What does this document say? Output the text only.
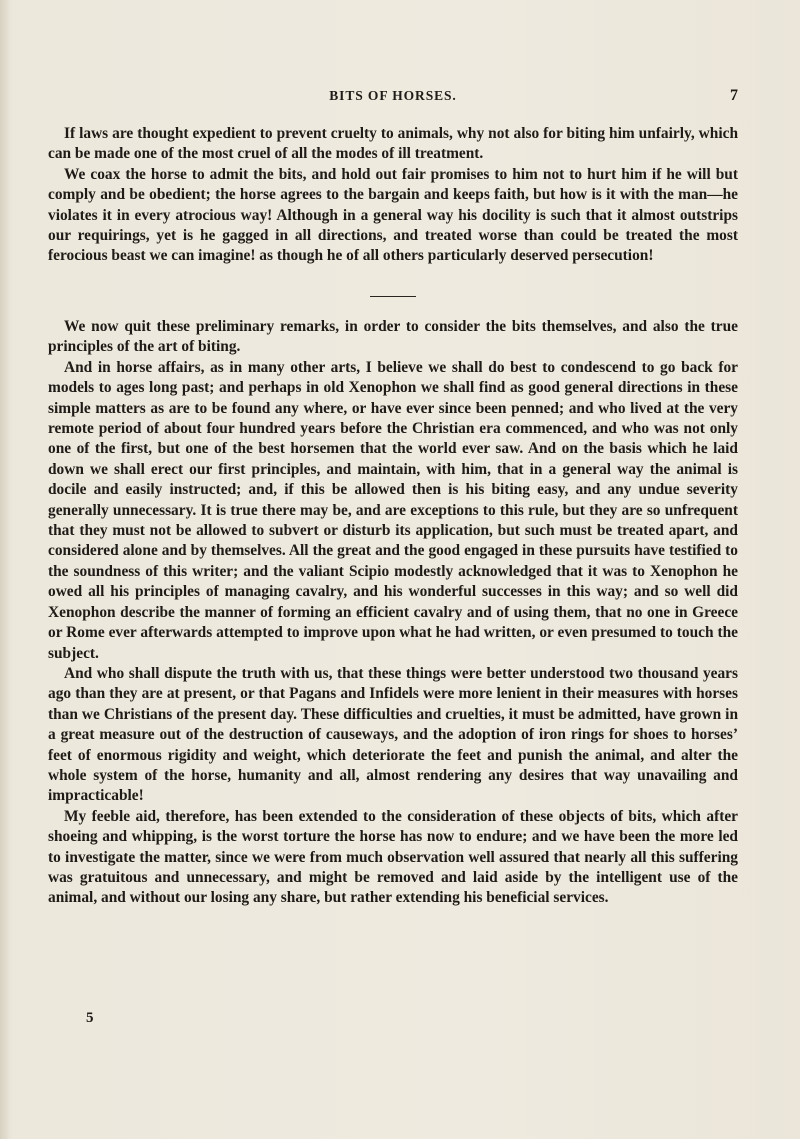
BITS OF HORSES.	7

If laws are thought expedient to prevent cruelty to animals, why not also for biting him unfairly, which can be made one of the most cruel of all the modes of ill treatment.

We coax the horse to admit the bits, and hold out fair promises to him not to hurt him if he will but comply and be obedient; the horse agrees to the bargain and keeps faith, but how is it with the man—he violates it in every atrocious way! Although in a general way his docility is such that it almost outstrips our requirings, yet is he gagged in all directions, and treated worse than could be treated the most ferocious beast we can imagine! as though he of all others particularly deserved persecution!

We now quit these preliminary remarks, in order to consider the bits themselves, and also the true principles of the art of biting.

And in horse affairs, as in many other arts, I believe we shall do best to condescend to go back for models to ages long past; and perhaps in old Xenophon we shall find as good general directions in these simple matters as are to be found any where, or have ever since been penned; and who lived at the very remote period of about four hundred years before the Christian era commenced, and who was not only one of the first, but one of the best horsemen that the world ever saw. And on the basis which he laid down we shall erect our first principles, and maintain, with him, that in a general way the animal is docile and easily instructed; and, if this be allowed then is his biting easy, and any undue severity generally unnecessary. It is true there may be, and are exceptions to this rule, but they are so unfrequent that they must not be allowed to subvert or disturb its application, but such must be treated apart, and considered alone and by themselves. All the great and the good engaged in these pursuits have testified to the soundness of this writer; and the valiant Scipio modestly acknowledged that it was to Xenophon he owed all his principles of managing cavalry, and his wonderful successes in this way; and so well did Xenophon describe the manner of forming an efficient cavalry and of using them, that no one in Greece or Rome ever afterwards attempted to improve upon what he had written, or even presumed to touch the subject.

And who shall dispute the truth with us, that these things were better understood two thousand years ago than they are at present, or that Pagans and Infidels were more lenient in their measures with horses than we Christians of the present day. These difficulties and cruelties, it must be admitted, have grown in a great measure out of the destruction of causeways, and the adoption of iron rings for shoes to horses’ feet of enormous rigidity and weight, which deteriorate the feet and punish the animal, and alter the whole system of the horse, humanity and all, almost rendering any desires that way unavailing and impracticable!

My feeble aid, therefore, has been extended to the consideration of these objects of bits, which after shoeing and whipping, is the worst torture the horse has now to endure; and we have been the more led to investigate the matter, since we were from much observation well assured that nearly all this suffering was gratuitous and unnecessary, and might be removed and laid aside by the intelligent use of the animal, and without our losing any share, but rather extending his beneficial services.

5
